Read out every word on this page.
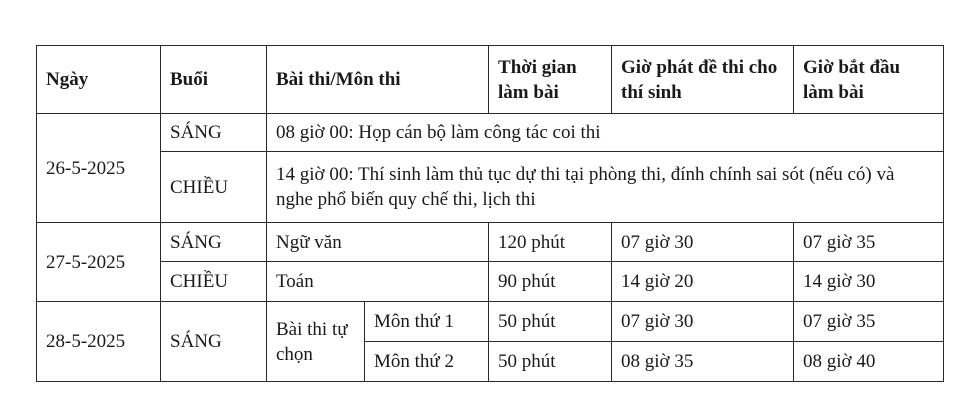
Ngày	Buổi	Bài thi/Môn thi		Thời gian làm bài	Giờ phát đề thi cho thí sinh	Giờ bắt đầu làm bài
26-5-2025	SÁNG	08 giờ 00: Họp cán bộ làm công tác coi thi				
	CHIỀU	14 giờ 00: Thí sinh làm thủ tục dự thi tại phòng thi, đính chính sai sót (nếu có) và nghe phổ biến quy chế thi, lịch thi				
27-5-2025	SÁNG	Ngữ văn		120 phút	07 giờ 30	07 giờ 35
	CHIỀU	Toán		90 phút	14 giờ 20	14 giờ 30
28-5-2025	SÁNG	Bài thi tự chọn	Môn thứ 1	50 phút	07 giờ 30	07 giờ 35
			Môn thứ 2	50 phút	08 giờ 35	08 giờ 40
